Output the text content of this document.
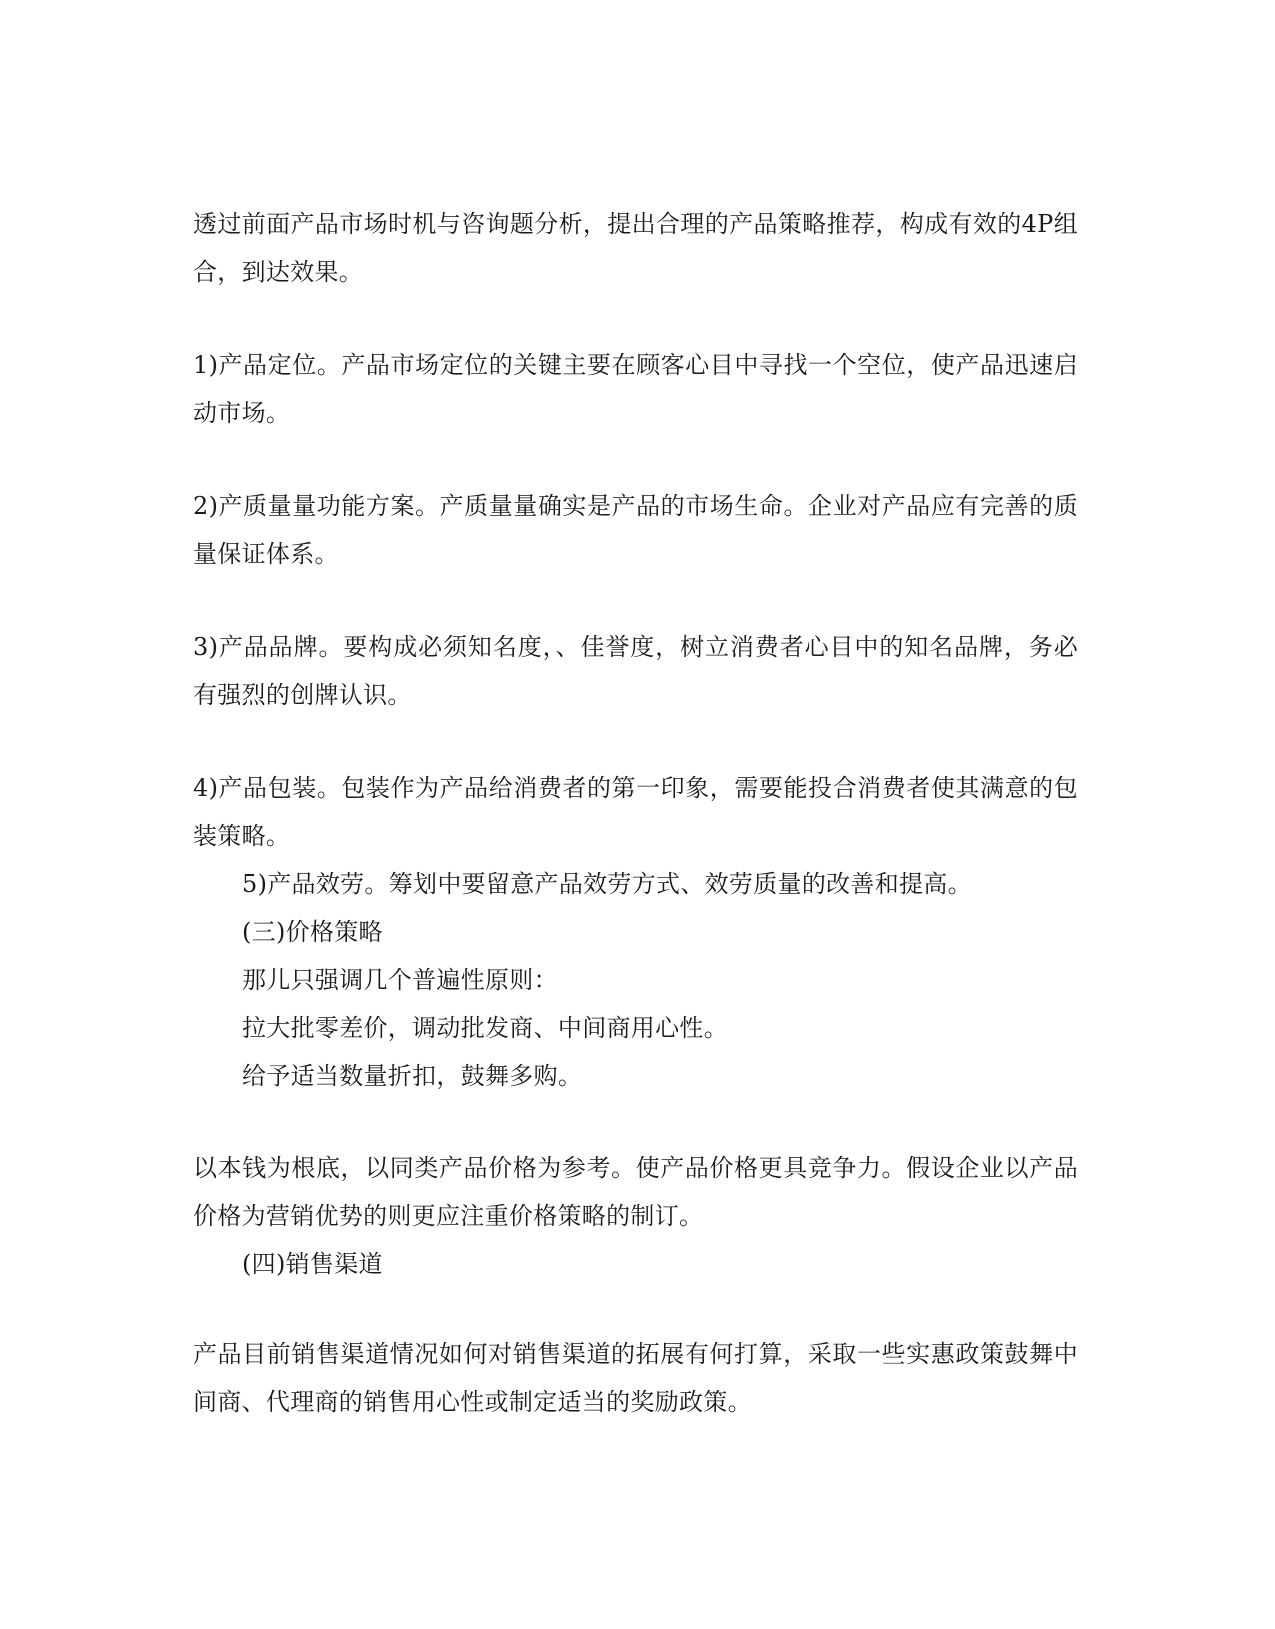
透过前面产品市场时机与咨询题分析，提出合理的产品策略推荐，构成有效的4P组合，到达效果。

1)产品定位。产品市场定位的关键主要在顾客心目中寻找一个空位，使产品迅速启动市场。

2)产质量量功能方案。产质量量确实是产品的市场生命。企业对产品应有完善的质量保证体系。

3)产品品牌。要构成必须知名度，、佳誉度，树立消费者心目中的知名品牌，务必有强烈的创牌认识。

4)产品包装。包装作为产品给消费者的第一印象，需要能投合消费者使其满意的包装策略。

5)产品效劳。筹划中要留意产品效劳方式、效劳质量的改善和提高。

(三)价格策略

那儿只强调几个普遍性原则：

拉大批零差价，调动批发商、中间商用心性。

给予适当数量折扣，鼓舞多购。

以本钱为根底，以同类产品价格为参考。使产品价格更具竞争力。假设企业以产品价格为营销优势的则更应注重价格策略的制订。

(四)销售渠道

产品目前销售渠道情况如何对销售渠道的拓展有何打算，采取一些实惠政策鼓舞中间商、代理商的销售用心性或制定适当的奖励政策。
